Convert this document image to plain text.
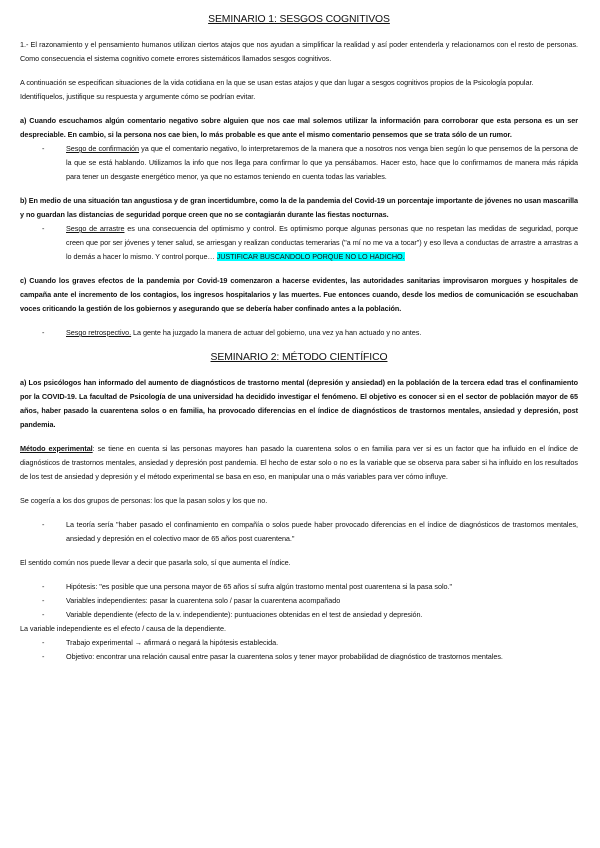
SEMINARIO 1: SESGOS COGNITIVOS

1.- El razonamiento y el pensamiento humanos utilizan ciertos atajos que nos ayudan a simplificar la realidad y así poder entenderla y relacionarnos con el resto de personas. Como consecuencia el sistema cognitivo comete errores sistemáticos llamados sesgos cognitivos.

A continuación se especifican situaciones de la vida cotidiana en la que se usan estas atajos y que dan lugar a sesgos cognitivos propios de la Psicología popular.

Identifíquelos, justifique su respuesta y argumente cómo se podrían evitar.

a) Cuando escuchamos algún comentario negativo sobre alguien que nos cae mal solemos utilizar la información para corroborar que esta persona es un ser despreciable. En cambio, si la persona nos cae bien, lo más probable es que ante el mismo comentario pensemos que se trata sólo de un rumor.

- Sesgo de confirmación ya que el comentario negativo, lo interpretaremos de la manera que a nosotros nos venga bien según lo que pensemos de la persona de la que se está hablando. Utilizamos la info que nos llega para confirmar lo que ya pensábamos. Hacer esto, hace que lo confirmamos de manera más rápida para tener un desgaste energético menor, ya que no estamos teniendo en cuenta todas las variables.

b) En medio de una situación tan angustiosa y de gran incertidumbre, como la de la pandemia del Covid-19 un porcentaje importante de jóvenes no usan mascarilla y no guardan las distancias de seguridad porque creen que no se contagiarán durante las fiestas nocturnas.

- Sesgo de arrastre es una consecuencia del optimismo y control. Es optimismo porque algunas personas que no respetan las medidas de seguridad, porque creen que por ser jóvenes y tener salud, se arriesgan y realizan conductas temerarias ("a mí no me va a tocar") y eso lleva a conductas de arrastre a arrastras a lo demás a hacer lo mismo. Y control porque… JUSTIFICAR BUSCANDOLO PORQUE NO LO HADICHO.

c) Cuando los graves efectos de la pandemia por Covid-19 comenzaron a hacerse evidentes, las autoridades sanitarias improvisaron morgues y hospitales de campaña ante el incremento de los contagios, los ingresos hospitalarios y las muertes. Fue entonces cuando, desde los medios de comunicación se escuchaban voces criticando la gestión de los gobiernos y asegurando que se debería haber confinado antes a la población.

- Sesgo retrospectivo. La gente ha juzgado la manera de actuar del gobierno, una vez ya han actuado y no antes.
SEMINARIO 2: MÉTODO CIENTÍFICO

a) Los psicólogos han informado del aumento de diagnósticos de trastorno mental (depresión y ansiedad) en la población de la tercera edad tras el confinamiento por la COVID-19. La facultad de Psicología de una universidad ha decidido investigar el fenómeno. El objetivo es conocer si en el sector de población mayor de 65 años, haber pasado la cuarentena solos o en familia, ha provocado diferencias en el índice de diagnósticos de trastornos mentales, ansiedad y depresión, post pandemia.

Método experimental: se tiene en cuenta si las personas mayores han pasado la cuarentena solos o en familia para ver si es un factor que ha influido en el índice de diagnósticos de trastornos mentales, ansiedad y depresión post pandemia. El hecho de estar solo o no es la variable que se observa para saber si ha influido en los resultados de los test de ansiedad y depresión y el método experimental se basa en eso, en manipular una o más variables para ver cómo influye.

Se cogería a los dos grupos de personas: los que la pasan solos y los que no.

- La teoría sería "haber pasado el confinamiento en compañía o solos puede haber provocado diferencias en el índice de diagnósticos de trastornos mentales, ansiedad y depresión en el colectivo maor de 65 años post cuarentena."

El sentido común nos puede llevar a decir que pasarla solo, sí que aumenta el índice.

- Hipótesis: "es posible que una persona mayor de 65 años sí sufra algún trastorno mental post cuarentena si la pasa solo."
- Variables independientes: pasar la cuarentena solo / pasar la cuarentena acompañado
- Variable dependiente (efecto de la v. independiente): puntuaciones obtenidas en el test de ansiedad y depresión.

La variable independiente es el efecto / causa de la dependiente.

- Trabajo experimental → afirmará o negará la hipótesis establecida.
- Objetivo: encontrar una relación causal entre pasar la cuarentena solos y tener mayor probabilidad de diagnóstico de trastornos mentales.
